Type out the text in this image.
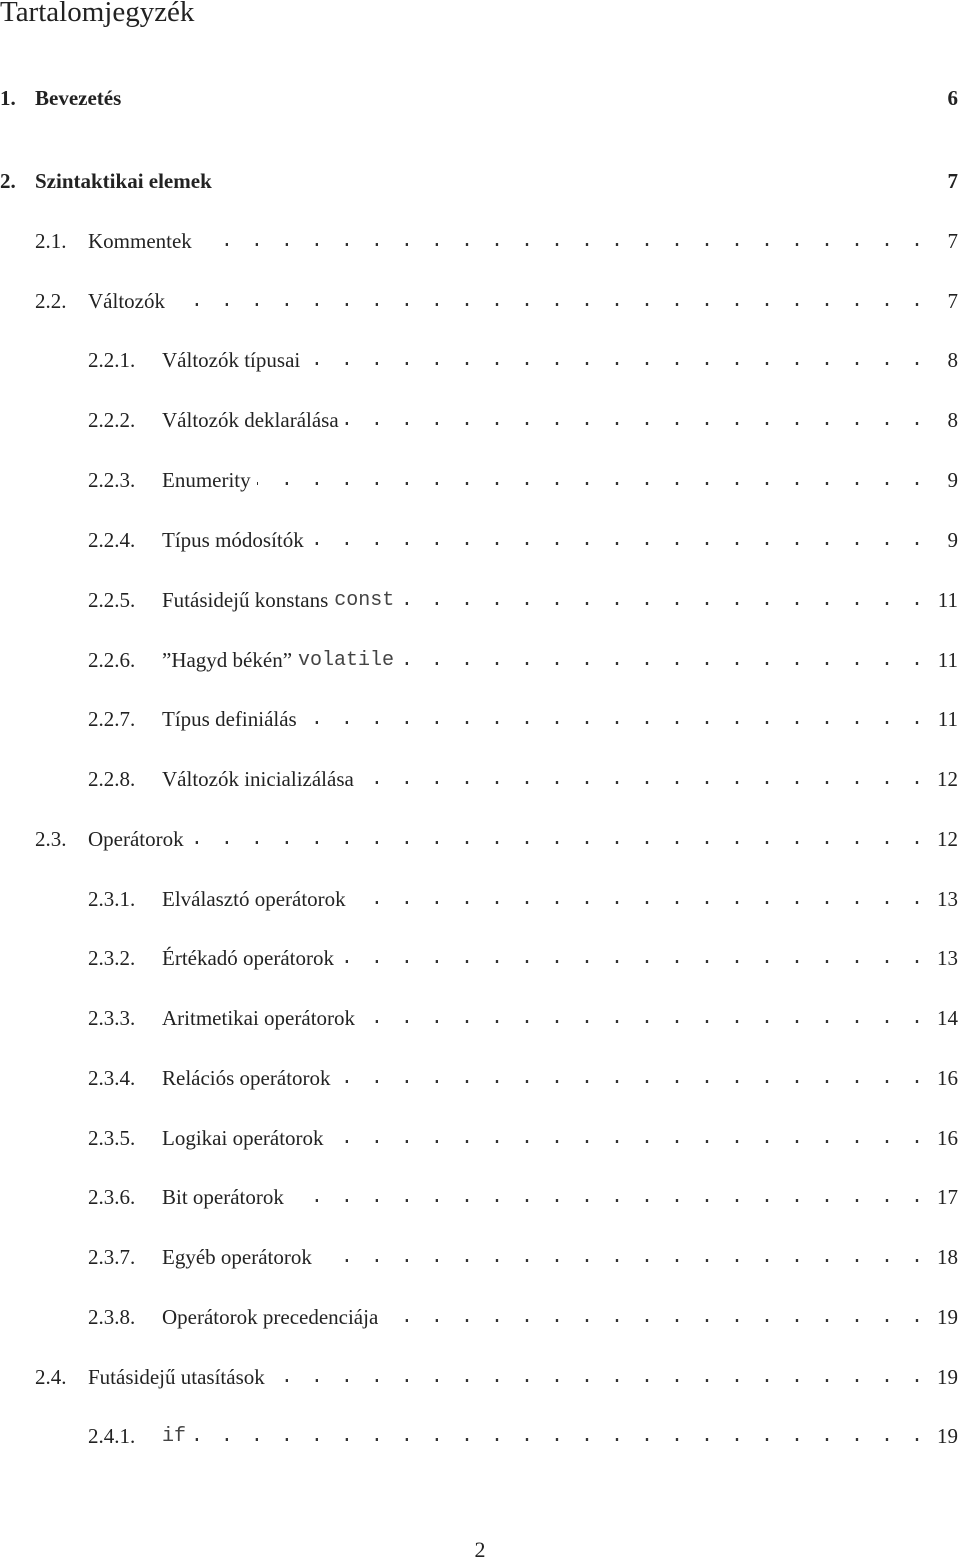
Tartalomjegyzék
1. Bevezetés	6
2. Szintaktikai elemek	7
2.1.	Kommentek . . .	7
2.2.	Változók . . .	7
2.2.1.	Változók típusai . . .	8
2.2.2.	Változók deklarálása . . .	8
2.2.3.	Enumerity . . .	9
2.2.4.	Típus módosítók . . .	9
2.2.5.	Futásidejű konstans const . . .	11
2.2.6.	”Hagyd békén” volatile . . .	11
2.2.7.	Típus definiálás . . .	11
2.2.8.	Változók inicializálása . . .	12
2.3.	Operátorok . . .	12
2.3.1.	Elválasztó operátorok . . .	13
2.3.2.	Értékadó operátorok . . .	13
2.3.3.	Aritmetikai operátorok . . .	14
2.3.4.	Relációs operátorok . . .	16
2.3.5.	Logikai operátorok . . .	16
2.3.6.	Bit operátorok . . .	17
2.3.7.	Egyéb operátorok . . .	18
2.3.8.	Operátorok precedenciája . . .	19
2.4.	Futásidejű utasítások . . .	19
2.4.1.	if . . .	19
2
